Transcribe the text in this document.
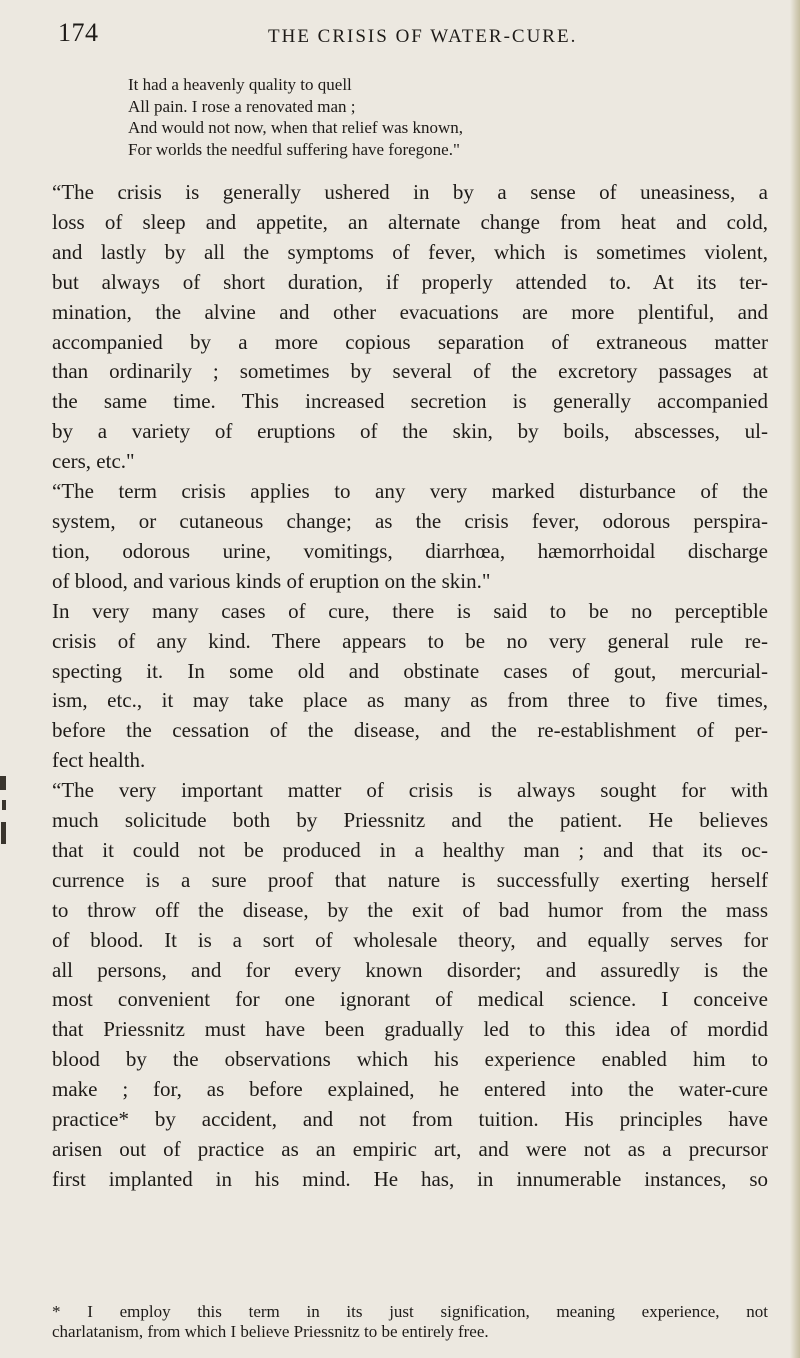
174	THE CRISIS OF WATER-CURE.
It had a heavenly quality to quell
All pain. I rose a renovated man ;
And would not now, when that relief was known,
For worlds the needful suffering have foregone."
“The crisis is generally ushered in by a sense of uneasiness, a
loss of sleep and appetite, an alternate change from heat and cold,
and lastly by all the symptoms of fever, which is sometimes violent,
but always of short duration, if properly attended to. At its ter-
mination, the alvine and other evacuations are more plentiful, and
accompanied by a more copious separation of extraneous matter
than ordinarily ; sometimes by several of the excretory passages at
the same time. This increased secretion is generally accompanied
by a variety of eruptions of the skin, by boils, abscesses, ul-
cers, etc."
“The term crisis applies to any very marked disturbance of the
system, or cutaneous change; as the crisis fever, odorous perspira-
tion, odorous urine, vomitings, diarrhœa, hæmorrhoidal discharge
of blood, and various kinds of eruption on the skin."
In very many cases of cure, there is said to be no perceptible
crisis of any kind. There appears to be no very general rule re-
specting it. In some old and obstinate cases of gout, mercurial-
ism, etc., it may take place as many as from three to five times,
before the cessation of the disease, and the re-establishment of per-
fect health.
“The very important matter of crisis is always sought for with
much solicitude both by Priessnitz and the patient. He believes
that it could not be produced in a healthy man ; and that its oc-
currence is a sure proof that nature is successfully exerting herself
to throw off the disease, by the exit of bad humor from the mass
of blood. It is a sort of wholesale theory, and equally serves for
all persons, and for every known disorder; and assuredly is the
most convenient for one ignorant of medical science. I conceive
that Priessnitz must have been gradually led to this idea of mordid
blood by the observations which his experience enabled him to
make ; for, as before explained, he entered into the water-cure
practice* by accident, and not from tuition. His principles have
arisen out of practice as an empiric art, and were not as a precursor
first implanted in his mind. He has, in innumerable instances, so
* I employ this term in its just signification, meaning experience, not
charlatanism, from which I believe Priessnitz to be entirely free.
